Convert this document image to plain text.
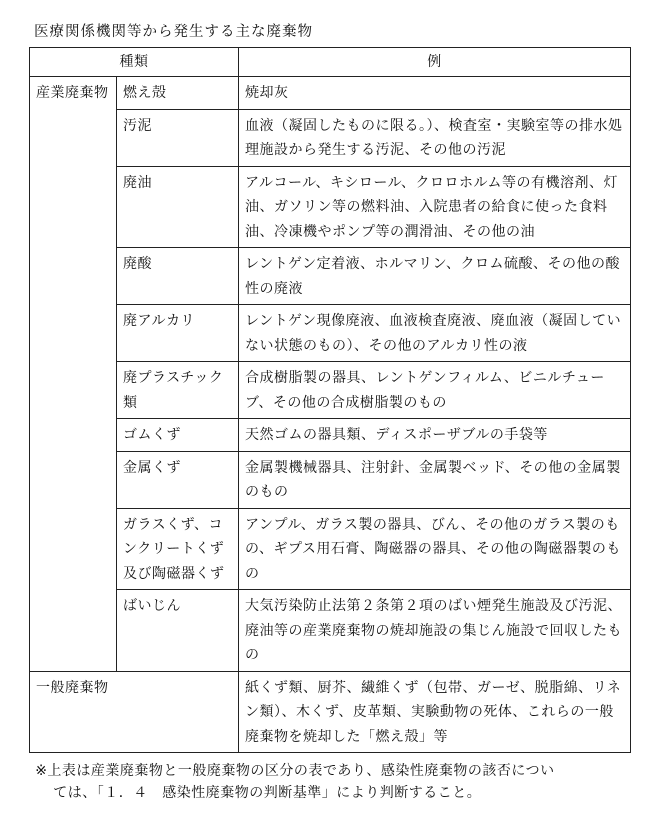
医療関係機関等から発生する主な廃棄物
種類		例
産業廃棄物	燃え殻	焼却灰
	汚泥	血液（凝固したものに限る。）、検査室・実験室等の排水処理施設から発生する汚泥、その他の汚泥
	廃油	アルコール、キシロール、クロロホルム等の有機溶剤、灯油、ガソリン等の燃料油、入院患者の給食に使った食料油、冷凍機やポンプ等の潤滑油、その他の油
	廃酸	レントゲン定着液、ホルマリン、クロム硫酸、その他の酸性の廃液
	廃アルカリ	レントゲン現像廃液、血液検査廃液、廃血液（凝固していない状態のもの）、その他のアルカリ性の液
	廃プラスチック類	合成樹脂製の器具、レントゲンフィルム、ビニルチューブ、その他の合成樹脂製のもの
	ゴムくず	天然ゴムの器具類、ディスポーザブルの手袋等
	金属くず	金属製機械器具、注射針、金属製ベッド、その他の金属製のもの
	ガラスくず、コンクリートくず及び陶磁器くず	アンプル、ガラス製の器具、びん、その他のガラス製のもの、ギプス用石膏、陶磁器の器具、その他の陶磁器製のもの
	ばいじん	大気汚染防止法第２条第２項のばい煙発生施設及び汚泥、廃油等の産業廃棄物の焼却施設の集じん施設で回収したもの
一般廃棄物		紙くず類、厨芥、繊維くず（包帯、ガーゼ、脱脂綿、リネン類）、木くず、皮革類、実験動物の死体、これらの一般廃棄物を焼却した「燃え殻」等
※上表は産業廃棄物と一般廃棄物の区分の表であり、感染性廃棄物の該否につい
ては、「１．４　感染性廃棄物の判断基準」により判断すること。
